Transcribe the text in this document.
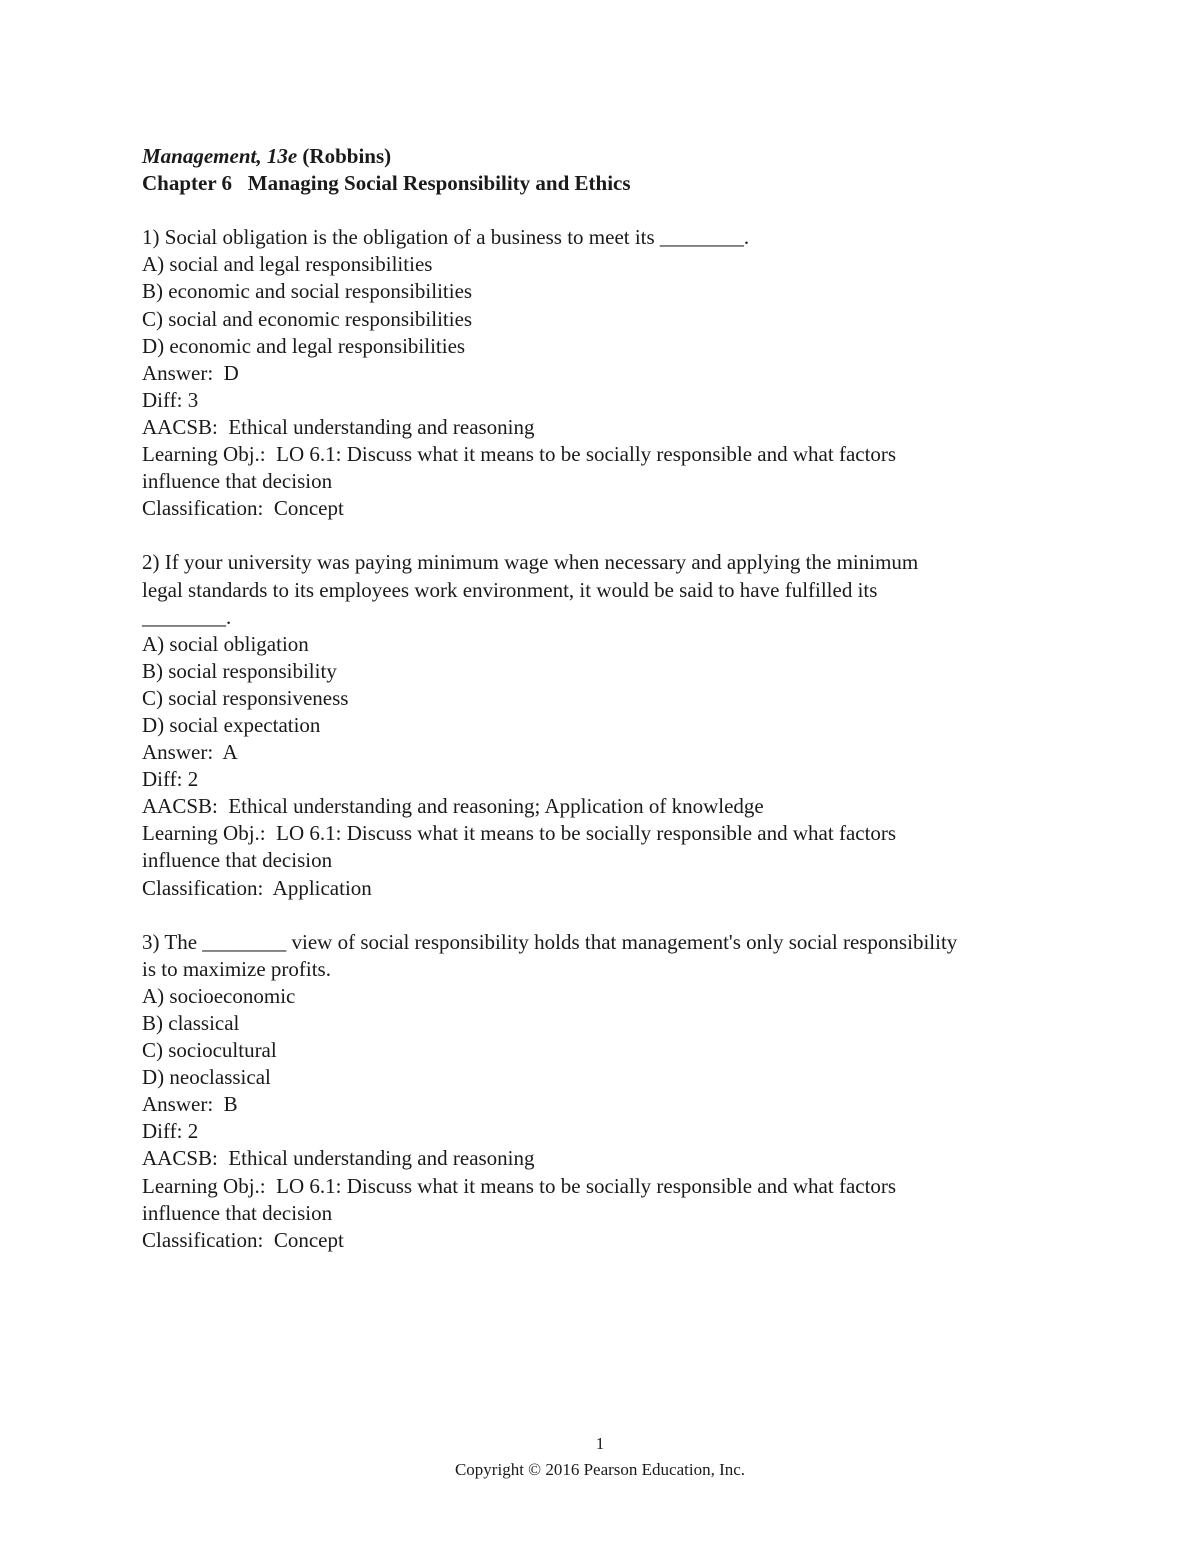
Management, 13e (Robbins)
Chapter 6 Managing Social Responsibility and Ethics
1) Social obligation is the obligation of a business to meet its ________.
A) social and legal responsibilities
B) economic and social responsibilities
C) social and economic responsibilities
D) economic and legal responsibilities
Answer:  D
Diff: 3
AACSB:  Ethical understanding and reasoning
Learning Obj.:  LO 6.1: Discuss what it means to be socially responsible and what factors
influence that decision
Classification:  Concept
2) If your university was paying minimum wage when necessary and applying the minimum
legal standards to its employees work environment, it would be said to have fulfilled its
________.
A) social obligation
B) social responsibility
C) social responsiveness
D) social expectation
Answer:  A
Diff: 2
AACSB:  Ethical understanding and reasoning; Application of knowledge
Learning Obj.:  LO 6.1: Discuss what it means to be socially responsible and what factors
influence that decision
Classification:  Application
3) The ________ view of social responsibility holds that management's only social responsibility
is to maximize profits.
A) socioeconomic
B) classical
C) sociocultural
D) neoclassical
Answer:  B
Diff: 2
AACSB:  Ethical understanding and reasoning
Learning Obj.:  LO 6.1: Discuss what it means to be socially responsible and what factors
influence that decision
Classification:  Concept
1
Copyright © 2016 Pearson Education, Inc.
